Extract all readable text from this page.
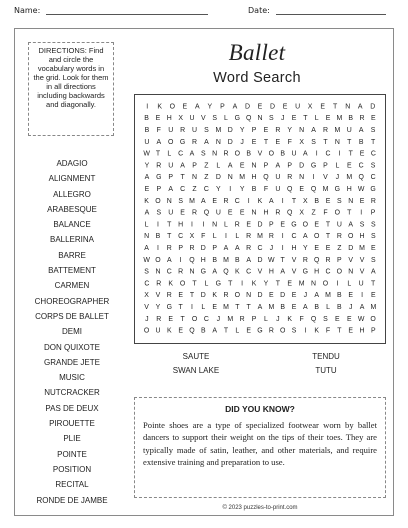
Name:	Date:
DIRECTIONS: Find and circle the vocabulary words in the grid. Look for them in all directions including backwards and diagonally.
Ballet
Word Search
ADAGIO
ALIGNMENT
ALLEGRO
ARABESQUE
BALANCE
BALLERINA
BARRE
BATTEMENT
CARMEN
CHOREOGRAPHER
CORPS DE BALLET
DEMI
DON QUIXOTE
GRANDE JETE
MUSIC
NUTCRACKER
PAS DE DEUX
PIROUETTE
PLIE
POINTE
POSITION
RECITAL
RONDE DE JAMBE
I K O E A Y P A D E D E U X E T N A D
B E H X U V S L G Q N S J E T L E M B R E
B F U R U S M D Y P E R Y N A R M U A S
U A O G R A N D J E T E F X S T N T B T
W T L C A S N R O B V O B U A I C I T E C
Y R U A P Z L A E N P A P D G P L E C S
A G P T N Z D N M H Q U R N I V J M Q C
E P A C Z C Y I Y B F U Q E Q M G H W G
K O N S M A E R C I K A I T X B E S N E R
A S U E R Q U E E N H R Q X Z F O T I P
L I T H I I N L R E D P E G O E T U A S S
N B T C X F L I L R M R I C A O T R O H S
A I R P R D P A A R C J I H Y E E Z D M E
W O A I Q H B M B A D W T V R Q R P V V S
S N C R N G A Q K C V H A V G H C O N V A
C R K O T L G T I K Y T E M N O I L U T
X V R E T D K R O N D E D E J A M B E I E
V Y G T I L E M T T A M B E A B L B J A M
J R E T O C J M R P L J K F Q S E E W O
O U K E Q B A T L E G R O S I K F T E H P
SAUTE	TENDU
SWAN LAKE	TUTU
DID YOU KNOW?
Pointe shoes are a type of specialized footwear worn by ballet dancers to support their weight on the tips of their toes. They are typically made of satin, leather, and other materials, and require extensive training and preparation to use.
© 2023 puzzles-to-print.com
